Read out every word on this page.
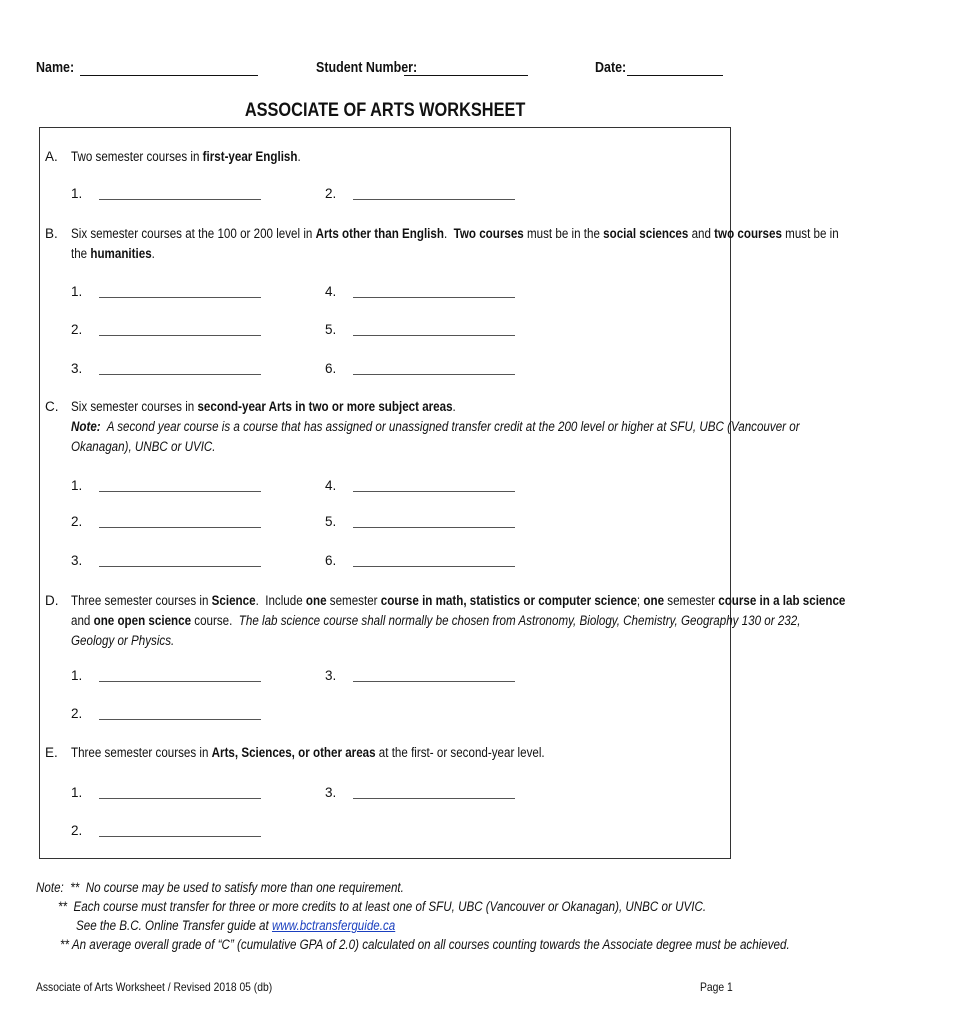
Name:	Student Number:	Date:
ASSOCIATE OF ARTS WORKSHEET
A. Two semester courses in first-year English.
1.	2.
B. Six semester courses at the 100 or 200 level in Arts other than English.  Two courses must be in the social sciences and two courses must be in
the humanities.
1.	4.
2.	5.
3.	6.
C. Six semester courses in second-year Arts in two or more subject areas.
Note:  A second year course is a course that has assigned or unassigned transfer credit at the 200 level or higher at SFU, UBC (Vancouver or
Okanagan), UNBC or UVIC.
1.	4.
2.	5.
3.	6.
D. Three semester courses in Science.  Include one semester course in math, statistics or computer science; one semester course in a lab science
and one open science course.  The lab science course shall normally be chosen from Astronomy, Biology, Chemistry, Geography 130 or 232,
Geology or Physics.
1.	3.
2.
E. Three semester courses in Arts, Sciences, or other areas at the first- or second-year level.
1.	3.
2.
Note: **  No course may be used to satisfy more than one requirement.
**  Each course must transfer for three or more credits to at least one of SFU, UBC (Vancouver or Okanagan), UNBC or UVIC.
See the B.C. Online Transfer guide at www.bctransferguide.ca
** An average overall grade of “C” (cumulative GPA of 2.0) calculated on all courses counting towards the Associate degree must be achieved.
Associate of Arts Worksheet / Revised 2018 05 (db)	Page 1
